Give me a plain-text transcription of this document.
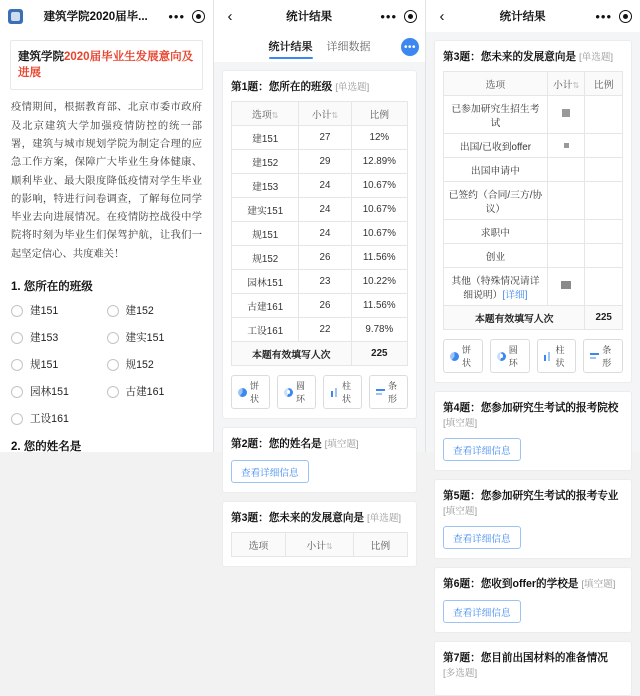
建筑学院2020届毕...	•••
建筑学院2020届毕业生发展意向及进展
疫情期间，根据教育部、北京市委市政府及北京建筑大学加强疫情防控的统一部署，建筑与城市规划学院为制定合理的应急工作方案，保障广大毕业生身体健康、顺利毕业、最大限度降低疫情对学生毕业的影响，特进行问卷调查，了解每位同学毕业去向进展情况。在疫情防控战役中学院将时刻为毕业生们保驾护航，让我们一起坚定信心、共度难关！
1. 您所在的班级
建151	建152
建153	建实151
规151	规152
园林151	古建161
工设161
2. 您的姓名是
‹	统计结果	•••
统计结果 详细数据	•••
第1题：您所在的班级 [单选题]
选项⇅	小计⇅	比例
建151	27	12%
建152	29	12.89%
建153	24	10.67%
建实151	24	10.67%
规151	24	10.67%
规152	26	11.56%
园林151	23	10.22%
古建161	26	11.56%
工设161	22	9.78%
本题有效填写人次		225
饼状
圆环
柱状
条形
第2题：您的姓名是 [填空题]
查看详细信息
第3题：您未来的发展意向是 [单选题]
选项	小计⇅	比例
‹	统计结果	•••
第3题：您未来的发展意向是 [单选题]
选项	小计⇅	比例
已参加研究生招生考试		
出国/已收到offer		
出国申请中		
已签约（合同/三方/协议）		
求职中		
创业		
其他（特殊情况请详细说明）[详细]		
本题有效填写人次		225
饼状
圆环
柱状
条形
第4题：您参加研究生考试的报考院校 [填空题]
查看详细信息
第5题：您参加研究生考试的报考专业 [填空题]
查看详细信息
第6题：您收到offer的学校是 [填空题]
查看详细信息
第7题：您目前出国材料的准备情况 [多选题]
